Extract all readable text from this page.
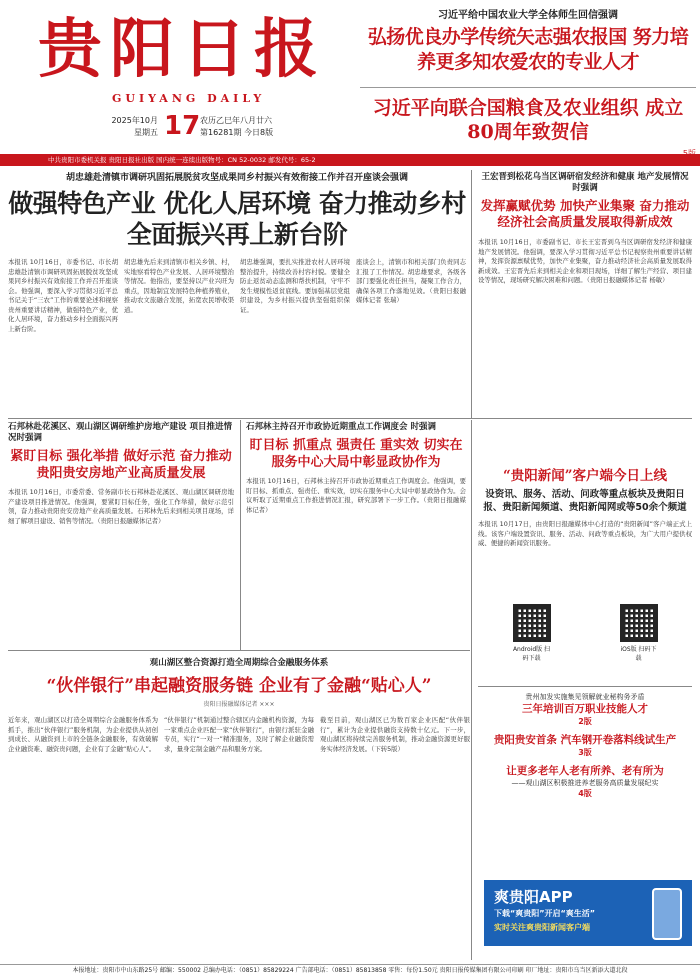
贵阳日报
GUIYANG DAILY
2025年10月
星期五 17 农历乙巳年八月廿六
第16281期 今日8版
习近平给中国农业大学全体师生回信强调
弘扬优良办学传统矢志强农报国 努力培养更多知农爱农的专业人才
习近平向联合国粮食及农业组织 成立80周年致贺信
中共贵阳市委机关报 贵阳日报社出版 国内统一连续出版物号：CN 52-0032 邮发代号：65-2
胡忠雄赴清镇市调研巩固拓展脱贫攻坚成果同乡村振兴有效衔接工作并召开座谈会强调
做强特色产业 优化人居环境 奋力推动乡村全面振兴再上新台阶
本报讯 10月16日，市委书记、市长胡忠雄赴清镇市调研巩固拓展脱贫攻坚成果同乡村振兴有效衔接工作并召开座谈会。他强调，要深入学习贯彻习近平总书记关于“三农”工作的重要论述和视察贵州重要讲话精神，做强特色产业，优化人居环境，奋力推动乡村全面振兴再上新台阶。
胡忠雄先后来到清镇市相关乡镇、村，实地察看特色产业发展、人居环境整治等情况。他指出，要坚持以产业兴旺为重点，因地制宜发展特色种植养殖业，推动农文旅融合发展，拓宽农民增收渠道。
胡忠雄强调，要扎实推进农村人居环境整治提升，持续改善村容村貌。要健全防止返贫动态监测和帮扶机制，守牢不发生规模性返贫底线。要加强基层党组织建设，为乡村振兴提供坚强组织保证。
座谈会上，清镇市和相关部门负责同志汇报了工作情况。胡忠雄要求，各级各部门要强化责任担当，凝聚工作合力，确保各项工作落地见效。（贵阳日报融媒体记者 张瑞）
王宏晋到松花乌当区调研宿发经济和健康 地产发展情况时强调
发挥赢赋优势 加快产业集聚 奋力推动经济社会高质量发展取得新成效
本报讯 10月16日，市委副书记、市长王宏晋到乌当区调研宿发经济和健康地产发展情况。他强调，要深入学习贯彻习近平总书记视察贵州重要讲话精神，发挥资源禀赋优势，加快产业集聚，奋力推动经济社会高质量发展取得新成效。王宏晋先后来到相关企业和项目现场，详细了解生产经营、项目建设等情况，现场研究解决困难和问题。（贵阳日报融媒体记者 杨敏）
石邦林赴花溪区、观山湖区调研维护房地产建设 项目推进情况时强调
紧盯目标 强化举措 做好示范 奋力推动贵阳贵安房地产业高质量发展
本报讯 10月16日，市委常委、常务副市长石邦林赴花溪区、观山湖区调研房地产建设项目推进情况。他强调，要紧盯目标任务，强化工作举措，做好示范引领，奋力推动贵阳贵安房地产业高质量发展。石邦林先后来到相关项目现场，详细了解项目建设、销售等情况。（贵阳日报融媒体记者）
石邦林主持召开市政协近期重点工作调度会 时强调
盯目标 抓重点 强责任 重实效 切实在服务中心大局中彰显政协作为
本报讯 10月16日，石邦林主持召开市政协近期重点工作调度会。他强调，要盯目标、抓重点、强责任、重实效，切实在服务中心大局中彰显政协作为。会议听取了近期重点工作推进情况汇报，研究部署下一步工作。（贵阳日报融媒体记者）
“贵阳新闻”客户端今日上线
设资讯、服务、活动、问政等重点板块及贵阳日报、贵阳新闻频道、贵阳新闻网或等50余个频道
本报讯 10月17日，由贵阳日报融媒体中心打造的“贵阳新闻”客户端正式上线。该客户端设置资讯、服务、活动、问政等重点板块，为广大用户提供权威、便捷的新闻资讯服务。
Android版 扫码下载
iOS版 扫码下载
贵州加发实施集见领解就业秘构务矛盾
三年培训百万职业技能人才
2版
贵阳贵安首条 汽车钢开卷落料线试生产
3版
让更多老年人老有所养、老有所为
——观山湖区积极推进养老服务高质量发展纪实
4版
爽贵阳APP
下载“爽贵阳”开启“爽生活”
实时关注爽贵阳新闻客户端
观山湖区整合资源打造全周期综合金融服务体系
“伙伴银行”串起融资服务链 企业有了金融“贴心人”
贵阳日报融媒体记者 ×××
近年来，观山湖区以打造全周期综合金融服务体系为抓手，推出“伙伴银行”服务机制，为企业提供从初创到成长、从融资到上市的全链条金融服务，有效破解企业融资难、融资贵问题，企业有了金融“贴心人”。
“伙伴银行”机制通过整合辖区内金融机构资源，为每一家重点企业匹配一家“伙伴银行”，由银行派驻金融专员，实行“一对一”精准服务，及时了解企业融资需求，量身定制金融产品和服务方案。
截至目前，观山湖区已为数百家企业匹配“伙伴银行”，累计为企业提供融资支持数十亿元。下一步，观山湖区将持续完善服务机制，推动金融资源更好服务实体经济发展。（下转5版）
本报地址：贵阳市中山东路25号 邮编：550002 总编办电话：（0851）85829224 广告部电话：（0851）85813858 零售：每份1.50元 贵阳日报传媒集团有限公司印刷 印厂地址：贵阳市乌当区新添大道北段
